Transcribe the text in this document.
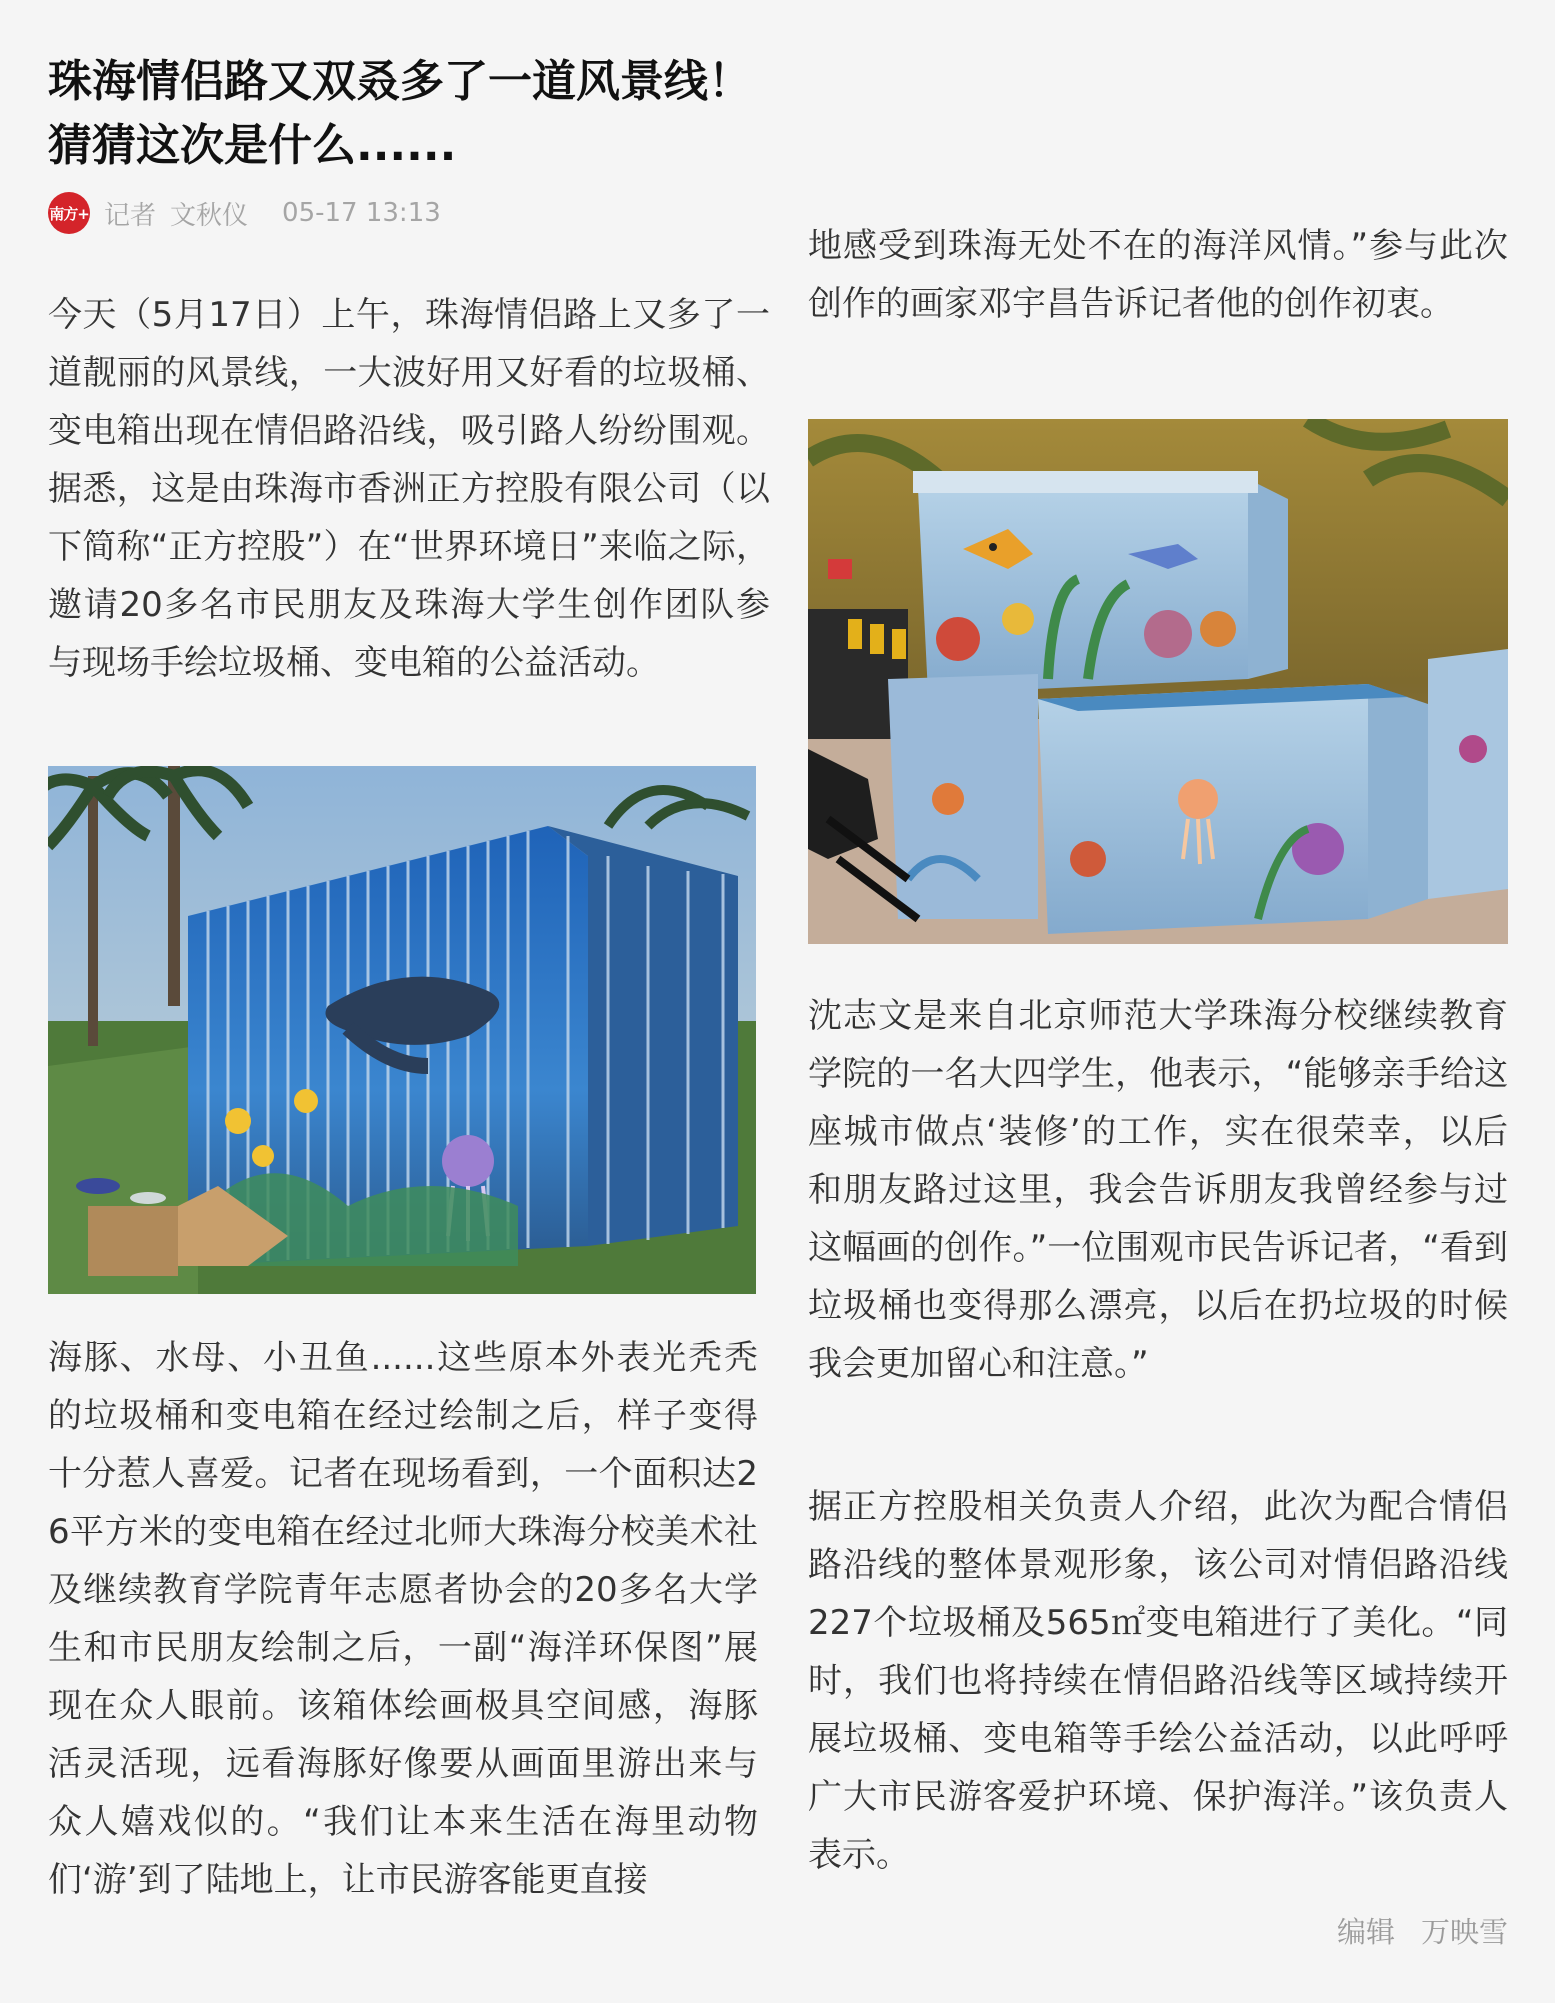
珠海情侣路又双叒多了一道风景线！猜猜这次是什么......
南方+ 记者 文秋仪 05-17 13:13

今天（5月17日）上午，珠海情侣路上又多了一道靓丽的风景线，一大波好用又好看的垃圾桶、变电箱出现在情侣路沿线，吸引路人纷纷围观。据悉，这是由珠海市香洲正方控股有限公司（以下简称“正方控股”）在“世界环境日”来临之际，邀请20多名市民朋友及珠海大学生创作团队参与现场手绘垃圾桶、变电箱的公益活动。

海豚、水母、小丑鱼......这些原本外表光秃秃的垃圾桶和变电箱在经过绘制之后，样子变得十分惹人喜爱。记者在现场看到，一个面积达26平方米的变电箱在经过北师大珠海分校美术社及继续教育学院青年志愿者协会的20多名大学生和市民朋友绘制之后，一副“海洋环保图”展现在众人眼前。该箱体绘画极具空间感，海豚活灵活现，远看海豚好像要从画面里游出来与众人嬉戏似的。“我们让本来生活在海里动物们‘游’到了陆地上，让市民游客能更直接

地感受到珠海无处不在的海洋风情。”参与此次创作的画家邓宇昌告诉记者他的创作初衷。

沈志文是来自北京师范大学珠海分校继续教育学院的一名大四学生，他表示，“能够亲手给这座城市做点‘装修’的工作，实在很荣幸，以后和朋友路过这里，我会告诉朋友我曾经参与过这幅画的创作。”一位围观市民告诉记者，“看到垃圾桶也变得那么漂亮，以后在扔垃圾的时候我会更加留心和注意。”

据正方控股相关负责人介绍，此次为配合情侣路沿线的整体景观形象，该公司对情侣路沿线227个垃圾桶及565㎡变电箱进行了美化。“同时，我们也将持续在情侣路沿线等区域持续开展垃圾桶、变电箱等手绘公益活动，以此呼呼广大市民游客爱护环境、保护海洋。”该负责人表示。

编辑 万映雪
